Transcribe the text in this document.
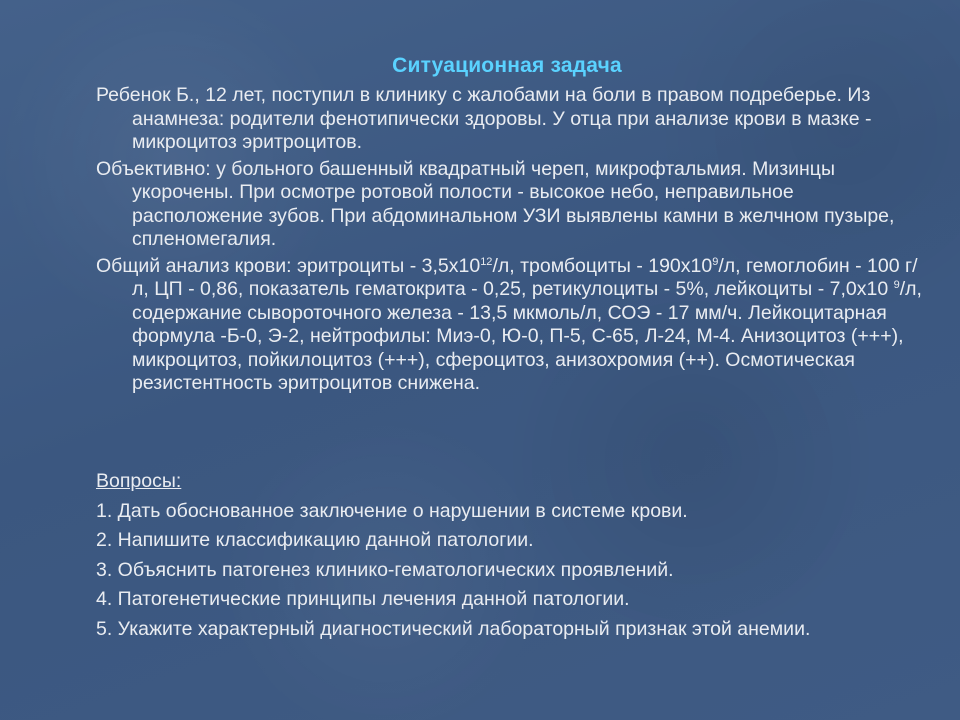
Ситуационная задача

Ребенок Б., 12 лет, поступил в клинику с жалобами на боли в правом подреберье. Из анамнеза: родители фенотипически здоровы. У отца при анализе крови в мазке - микроцитоз эритроцитов.

Объективно: у больного башенный квадратный череп, микрофтальмия. Мизинцы укорочены. При осмотре ротовой полости - высокое небо, неправильное расположение зубов. При абдоминальном УЗИ выявлены камни в желчном пузыре, спленомегалия.

Общий анализ крови: эритроциты - $3,5х10^{12}/л$, тромбоциты - $190х10^9/л$, гемоглобин - 100 г/л, ЦП - 0,86, показатель гематокрита - 0,25, ретикулоциты - 5%, лейкоциты - 7,0х10 $^9$/л, содержание сывороточного железа - 13,5 мкмоль/л, СОЭ - 17 мм/ч. Лейкоцитарная формула -Б-0, Э-2, нейтрофилы: Миэ-0, Ю-0, П-5, С-65, Л-24, М-4. Анизоцитоз (+++), микроцитоз, пойкилоцитоз (+++), сфероцитоз, анизохромия (++). Осмотическая резистентность эритроцитов снижена.

Вопросы:

1. Дать обоснованное заключение о нарушении в системе крови.

2. Напишите классификацию данной патологии.

3. Объяснить патогенез клинико-гематологических проявлений.

4. Патогенетические принципы лечения данной патологии.

5. Укажите характерный диагностический лабораторный признак этой анемии.
